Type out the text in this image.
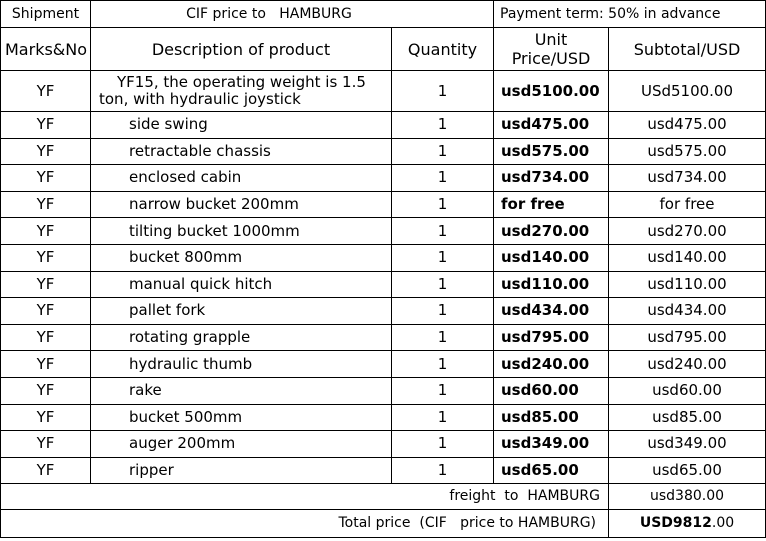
Shipment	CIF price to   HAMBURG		Payment term: 50% in advance	
Marks&No	Description of product	Quantity	Unit Price/USD	Subtotal/USD
YF	YF15, the operating weight is 1.5
ton, with hydraulic joystick	1	usd5100.00	USd5100.00
YF	side swing	1	usd475.00	usd475.00
YF	retractable chassis	1	usd575.00	usd575.00
YF	enclosed cabin	1	usd734.00	usd734.00
YF	narrow bucket 200mm	1	for free	for free
YF	tilting bucket 1000mm	1	usd270.00	usd270.00
YF	bucket 800mm	1	usd140.00	usd140.00
YF	manual quick hitch	1	usd110.00	usd110.00
YF	pallet fork	1	usd434.00	usd434.00
YF	rotating grapple	1	usd795.00	usd795.00
YF	hydraulic thumb	1	usd240.00	usd240.00
YF	rake	1	usd60.00	usd60.00
YF	bucket 500mm	1	usd85.00	usd85.00
YF	auger 200mm	1	usd349.00	usd349.00
YF	ripper	1	usd65.00	usd65.00
freight  to  HAMBURG				usd380.00
Total price  (CIF   price to HAMBURG)				USD9812.00
